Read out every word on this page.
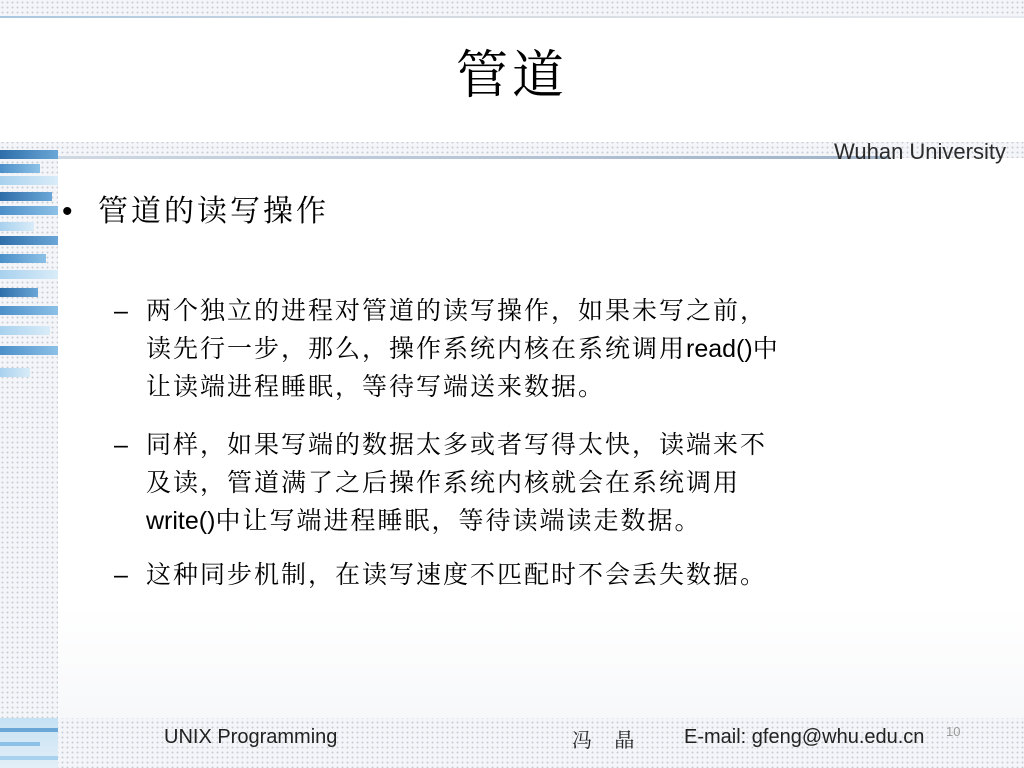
管道
Wuhan University
• 管道的读写操作
– 两个独立的进程对管道的读写操作，如果未写之前，
读先行一步，那么，操作系统内核在系统调用read()中
让读端进程睡眠，等待写端送来数据。
– 同样，如果写端的数据太多或者写得太快，读端来不
及读，管道满了之后操作系统内核就会在系统调用
write()中让写端进程睡眠，等待读端读走数据。
– 这种同步机制，在读写速度不匹配时不会丢失数据。
UNIX Programming	冯 晶 E-mail: gfeng@whu.edu.cn 10
